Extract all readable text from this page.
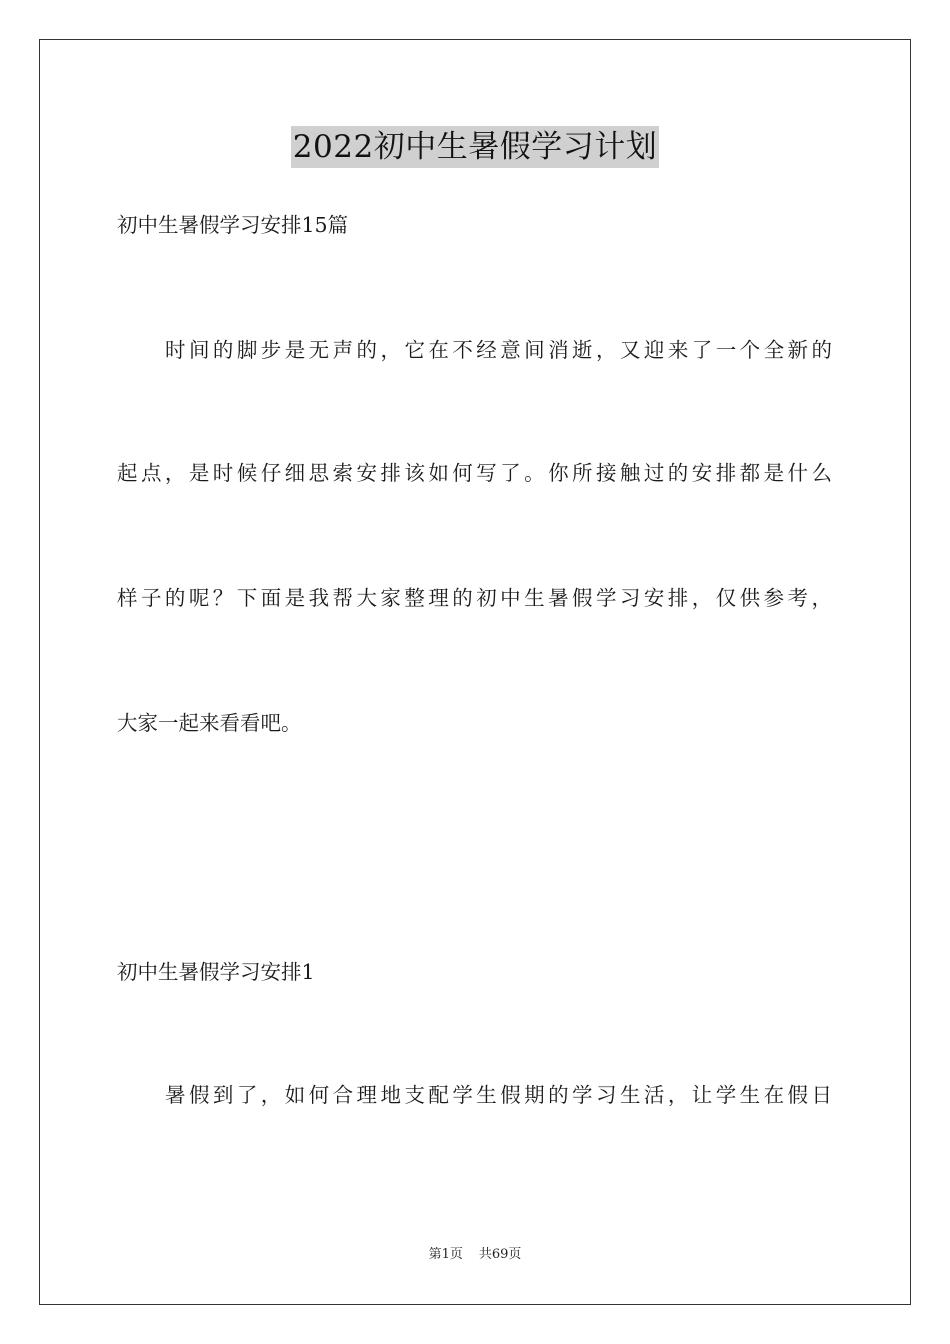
2022初中生暑假学习计划
初中生暑假学习安排15篇
时间的脚步是无声的，它在不经意间消逝，又迎来了一个全新的
起点，是时候仔细思索安排该如何写了。你所接触过的安排都是什么
样子的呢？下面是我帮大家整理的初中生暑假学习安排，仅供参考，
大家一起来看看吧。
初中生暑假学习安排1
暑假到了，如何合理地支配学生假期的学习生活，让学生在假日
第1页 共69页
